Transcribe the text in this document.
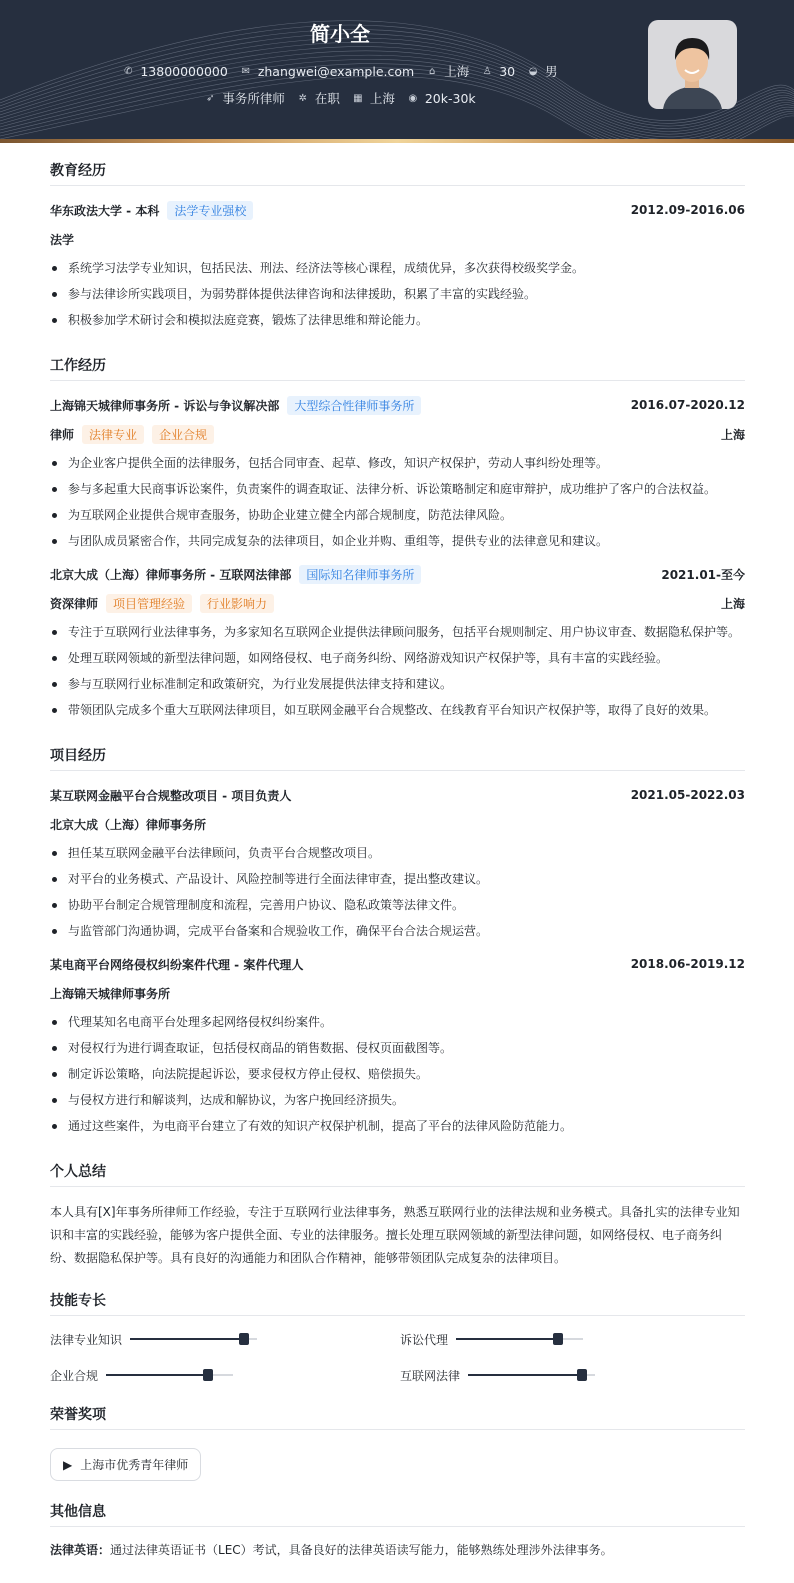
简小全
✆ 13800000000 ✉ zhangwei@example.com ⌂ 上海 ♙ 30 ◒ 男
➶ 事务所律师 ✲ 在职 ▦ 上海 ◉ 20k-30k
教育经历
华东政法大学 - 本科	法学专业强校	2012.09-2016.06
法学
系统学习法学专业知识，包括民法、刑法、经济法等核心课程，成绩优异，多次获得校级奖学金。
参与法律诊所实践项目，为弱势群体提供法律咨询和法律援助，积累了丰富的实践经验。
积极参加学术研讨会和模拟法庭竞赛，锻炼了法律思维和辩论能力。
工作经历
上海锦天城律师事务所 - 诉讼与争议解决部	大型综合性律师事务所	2016.07-2020.12
律师	法律专业	企业合规	上海
为企业客户提供全面的法律服务，包括合同审查、起草、修改，知识产权保护，劳动人事纠纷处理等。
参与多起重大民商事诉讼案件，负责案件的调查取证、法律分析、诉讼策略制定和庭审辩护，成功维护了客户的合法权益。
为互联网企业提供合规审查服务，协助企业建立健全内部合规制度，防范法律风险。
与团队成员紧密合作，共同完成复杂的法律项目，如企业并购、重组等，提供专业的法律意见和建议。
北京大成（上海）律师事务所 - 互联网法律部	国际知名律师事务所	2021.01-至今
资深律师	项目管理经验	行业影响力	上海
专注于互联网行业法律事务，为多家知名互联网企业提供法律顾问服务，包括平台规则制定、用户协议审查、数据隐私保护等。
处理互联网领域的新型法律问题，如网络侵权、电子商务纠纷、网络游戏知识产权保护等，具有丰富的实践经验。
参与互联网行业标准制定和政策研究，为行业发展提供法律支持和建议。
带领团队完成多个重大互联网法律项目，如互联网金融平台合规整改、在线教育平台知识产权保护等，取得了良好的效果。
项目经历
某互联网金融平台合规整改项目 - 项目负责人	2021.05-2022.03
北京大成（上海）律师事务所
担任某互联网金融平台法律顾问，负责平台合规整改项目。
对平台的业务模式、产品设计、风险控制等进行全面法律审查，提出整改建议。
协助平台制定合规管理制度和流程，完善用户协议、隐私政策等法律文件。
与监管部门沟通协调，完成平台备案和合规验收工作，确保平台合法合规运营。
某电商平台网络侵权纠纷案件代理 - 案件代理人	2018.06-2019.12
上海锦天城律师事务所
代理某知名电商平台处理多起网络侵权纠纷案件。
对侵权行为进行调查取证，包括侵权商品的销售数据、侵权页面截图等。
制定诉讼策略，向法院提起诉讼，要求侵权方停止侵权、赔偿损失。
与侵权方进行和解谈判，达成和解协议，为客户挽回经济损失。
通过这些案件，为电商平台建立了有效的知识产权保护机制，提高了平台的法律风险防范能力。
个人总结
本人具有[X]年事务所律师工作经验，专注于互联网行业法律事务，熟悉互联网行业的法律法规和业务模式。具备扎实的法律专业知识和丰富的实践经验，能够为客户提供全面、专业的法律服务。擅长处理互联网领域的新型法律问题，如网络侵权、电子商务纠纷、数据隐私保护等。具有良好的沟通能力和团队合作精神，能够带领团队完成复杂的法律项目。
技能专长
法律专业知识	诉讼代理
企业合规	互联网法律
荣誉奖项
▶ 上海市优秀青年律师
其他信息
法律英语：通过法律英语证书（LEC）考试，具备良好的法律英语读写能力，能够熟练处理涉外法律事务。
